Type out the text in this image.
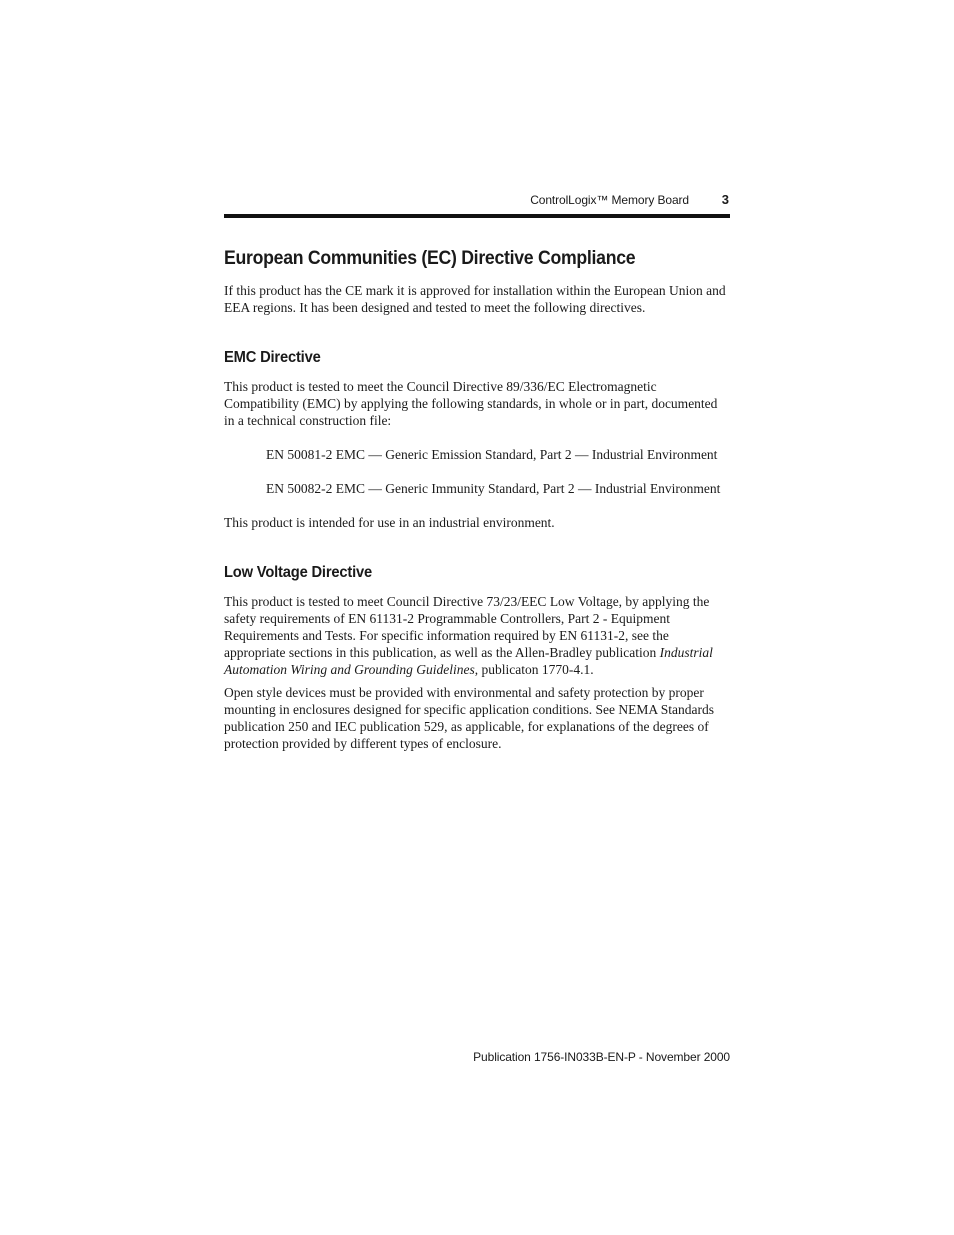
ControlLogix™ Memory Board	3
European Communities (EC) Directive Compliance

If this product has the CE mark it is approved for installation within the European Union and EEA regions. It has been designed and tested to meet the following directives.

EMC Directive

This product is tested to meet the Council Directive 89/336/EC Electromagnetic Compatibility (EMC) by applying the following standards, in whole or in part, documented in a technical construction file:

EN 50081-2 EMC — Generic Emission Standard, Part 2 — Industrial Environment

EN 50082-2 EMC — Generic Immunity Standard, Part 2 — Industrial Environment

This product is intended for use in an industrial environment.

Low Voltage Directive

This product is tested to meet Council Directive 73/23/EEC Low Voltage, by applying the safety requirements of EN 61131-2 Programmable Controllers, Part 2 - Equipment Requirements and Tests. For specific information required by EN 61131-2, see the appropriate sections in this publication, as well as the Allen-Bradley publication Industrial Automation Wiring and Grounding Guidelines, publicaton 1770-4.1.

Open style devices must be provided with environmental and safety protection by proper mounting in enclosures designed for specific application conditions. See NEMA Standards publication 250 and IEC publication 529, as applicable, for explanations of the degrees of protection provided by different types of enclosure.

Publication 1756-IN033B-EN-P - November 2000
